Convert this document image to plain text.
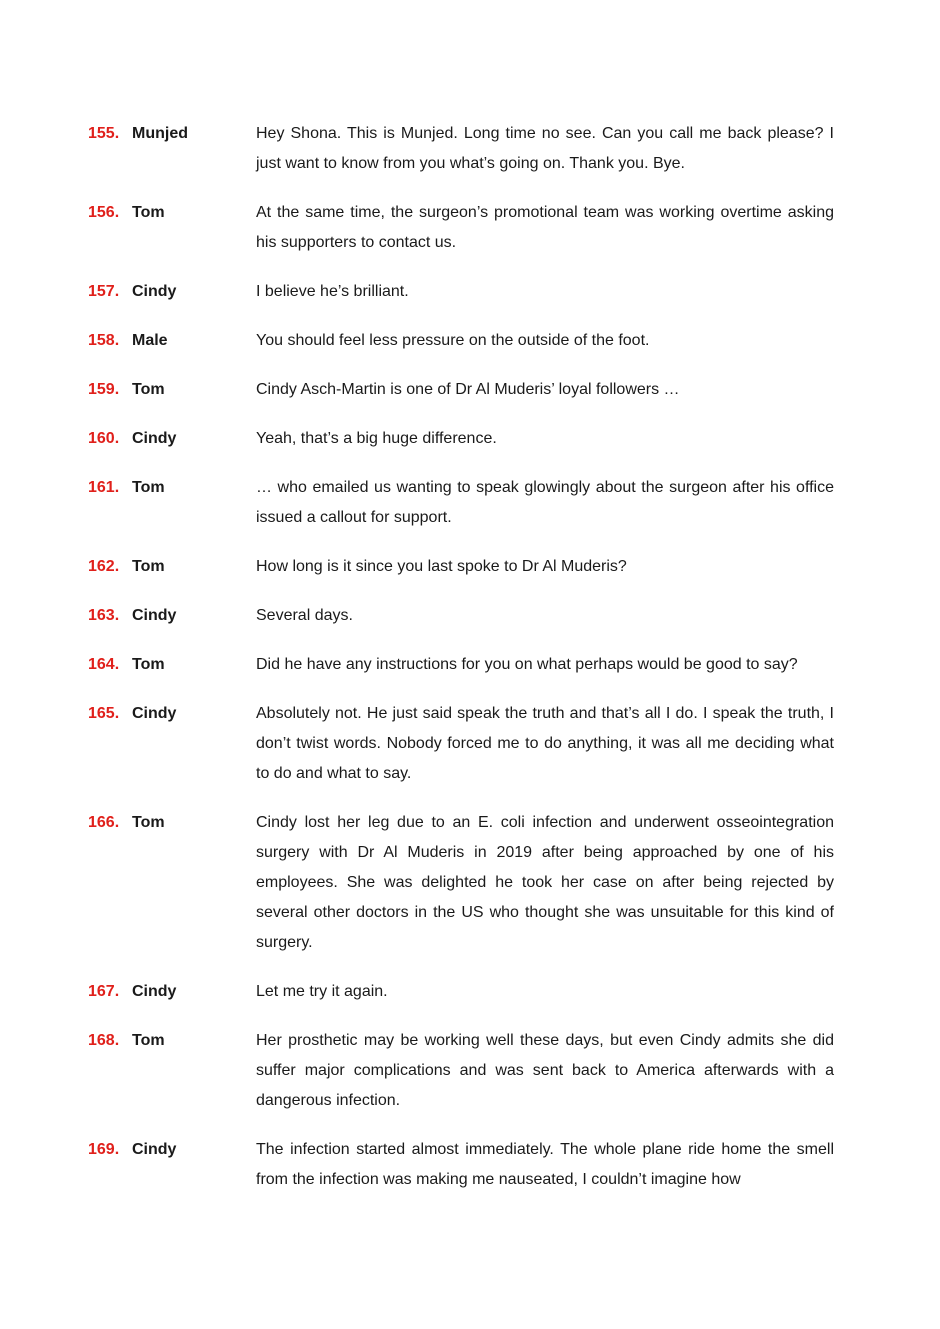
155. Munjed	Hey Shona. This is Munjed. Long time no see. Can you call me back please? I just want to know from you what’s going on. Thank you. Bye.
156. Tom	At the same time, the surgeon’s promotional team was working overtime asking his supporters to contact us.
157. Cindy	I believe he’s brilliant.
158. Male	You should feel less pressure on the outside of the foot.
159. Tom	Cindy Asch-Martin is one of Dr Al Muderis’ loyal followers …
160. Cindy	Yeah, that’s a big huge difference.
161. Tom	… who emailed us wanting to speak glowingly about the surgeon after his office issued a callout for support.
162. Tom	How long is it since you last spoke to Dr Al Muderis?
163. Cindy	Several days.
164. Tom	Did he have any instructions for you on what perhaps would be good to say?
165. Cindy	Absolutely not. He just said speak the truth and that’s all I do. I speak the truth, I don’t twist words. Nobody forced me to do anything, it was all me deciding what to do and what to say.
166. Tom	Cindy lost her leg due to an E. coli infection and underwent osseointegration surgery with Dr Al Muderis in 2019 after being approached by one of his employees. She was delighted he took her case on after being rejected by several other doctors in the US who thought she was unsuitable for this kind of surgery.
167. Cindy	Let me try it again.
168. Tom	Her prosthetic may be working well these days, but even Cindy admits she did suffer major complications and was sent back to America afterwards with a dangerous infection.
169. Cindy	The infection started almost immediately. The whole plane ride home the smell from the infection was making me nauseated, I couldn’t imagine how
